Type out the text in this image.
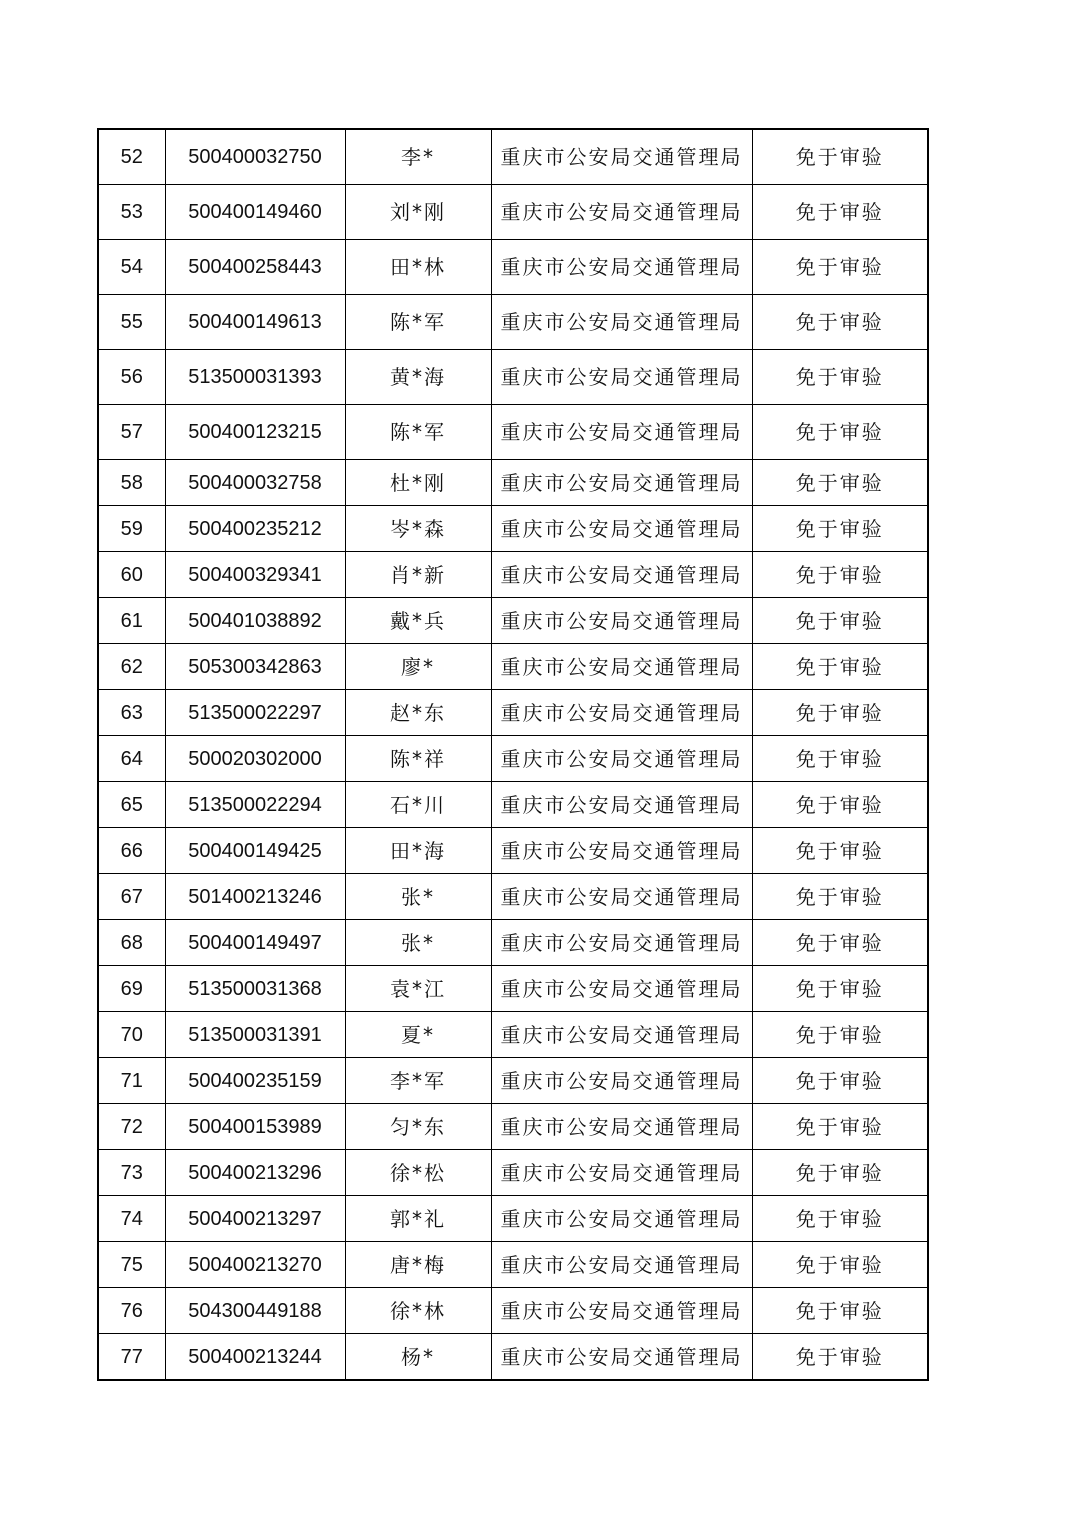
52	500400032750	李*	重庆市公安局交通管理局	免于审验
53	500400149460	刘*刚	重庆市公安局交通管理局	免于审验
54	500400258443	田*林	重庆市公安局交通管理局	免于审验
55	500400149613	陈*军	重庆市公安局交通管理局	免于审验
56	513500031393	黄*海	重庆市公安局交通管理局	免于审验
57	500400123215	陈*军	重庆市公安局交通管理局	免于审验
58	500400032758	杜*刚	重庆市公安局交通管理局	免于审验
59	500400235212	岑*森	重庆市公安局交通管理局	免于审验
60	500400329341	肖*新	重庆市公安局交通管理局	免于审验
61	500401038892	戴*兵	重庆市公安局交通管理局	免于审验
62	505300342863	廖*	重庆市公安局交通管理局	免于审验
63	513500022297	赵*东	重庆市公安局交通管理局	免于审验
64	500020302000	陈*祥	重庆市公安局交通管理局	免于审验
65	513500022294	石*川	重庆市公安局交通管理局	免于审验
66	500400149425	田*海	重庆市公安局交通管理局	免于审验
67	501400213246	张*	重庆市公安局交通管理局	免于审验
68	500400149497	张*	重庆市公安局交通管理局	免于审验
69	513500031368	袁*江	重庆市公安局交通管理局	免于审验
70	513500031391	夏*	重庆市公安局交通管理局	免于审验
71	500400235159	李*军	重庆市公安局交通管理局	免于审验
72	500400153989	匀*东	重庆市公安局交通管理局	免于审验
73	500400213296	徐*松	重庆市公安局交通管理局	免于审验
74	500400213297	郭*礼	重庆市公安局交通管理局	免于审验
75	500400213270	唐*梅	重庆市公安局交通管理局	免于审验
76	504300449188	徐*林	重庆市公安局交通管理局	免于审验
77	500400213244	杨*	重庆市公安局交通管理局	免于审验
